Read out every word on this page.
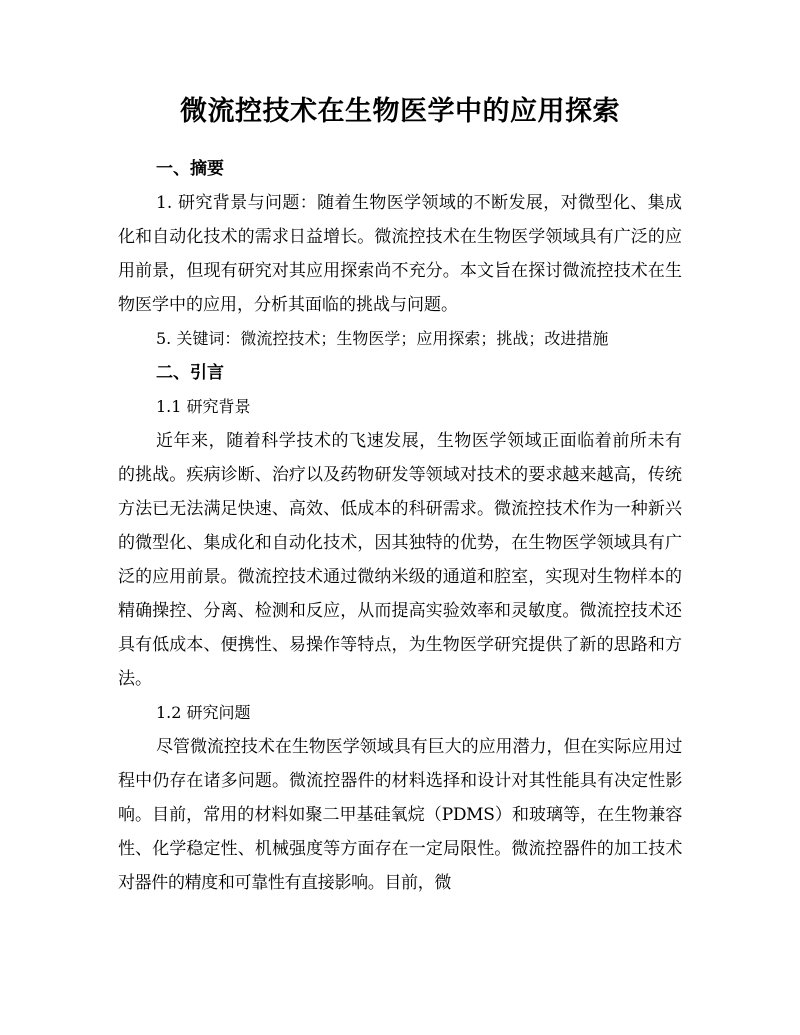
微流控技术在生物医学中的应用探索
一、摘要

1. 研究背景与问题：随着生物医学领域的不断发展，对微型化、集成化和自动化技术的需求日益增长。微流控技术在生物医学领域具有广泛的应用前景，但现有研究对其应用探索尚不充分。本文旨在探讨微流控技术在生物医学中的应用，分析其面临的挑战与问题。

5. 关键词：微流控技术；生物医学；应用探索；挑战；改进措施
二、引言
1.1 研究背景

近年来，随着科学技术的飞速发展，生物医学领域正面临着前所未有的挑战。疾病诊断、治疗以及药物研发等领域对技术的要求越来越高，传统方法已无法满足快速、高效、低成本的科研需求。微流控技术作为一种新兴的微型化、集成化和自动化技术，因其独特的优势，在生物医学领域具有广泛的应用前景。微流控技术通过微纳米级的通道和腔室，实现对生物样本的精确操控、分离、检测和反应，从而提高实验效率和灵敏度。微流控技术还具有低成本、便携性、易操作等特点，为生物医学研究提供了新的思路和方法。

1.2 研究问题

尽管微流控技术在生物医学领域具有巨大的应用潜力，但在实际应用过程中仍存在诸多问题。微流控器件的材料选择和设计对其性能具有决定性影响。目前，常用的材料如聚二甲基硅氧烷（PDMS）和玻璃等，在生物兼容性、化学稳定性、机械强度等方面存在一定局限性。微流控器件的加工技术对器件的精度和可靠性有直接影响。目前，微
